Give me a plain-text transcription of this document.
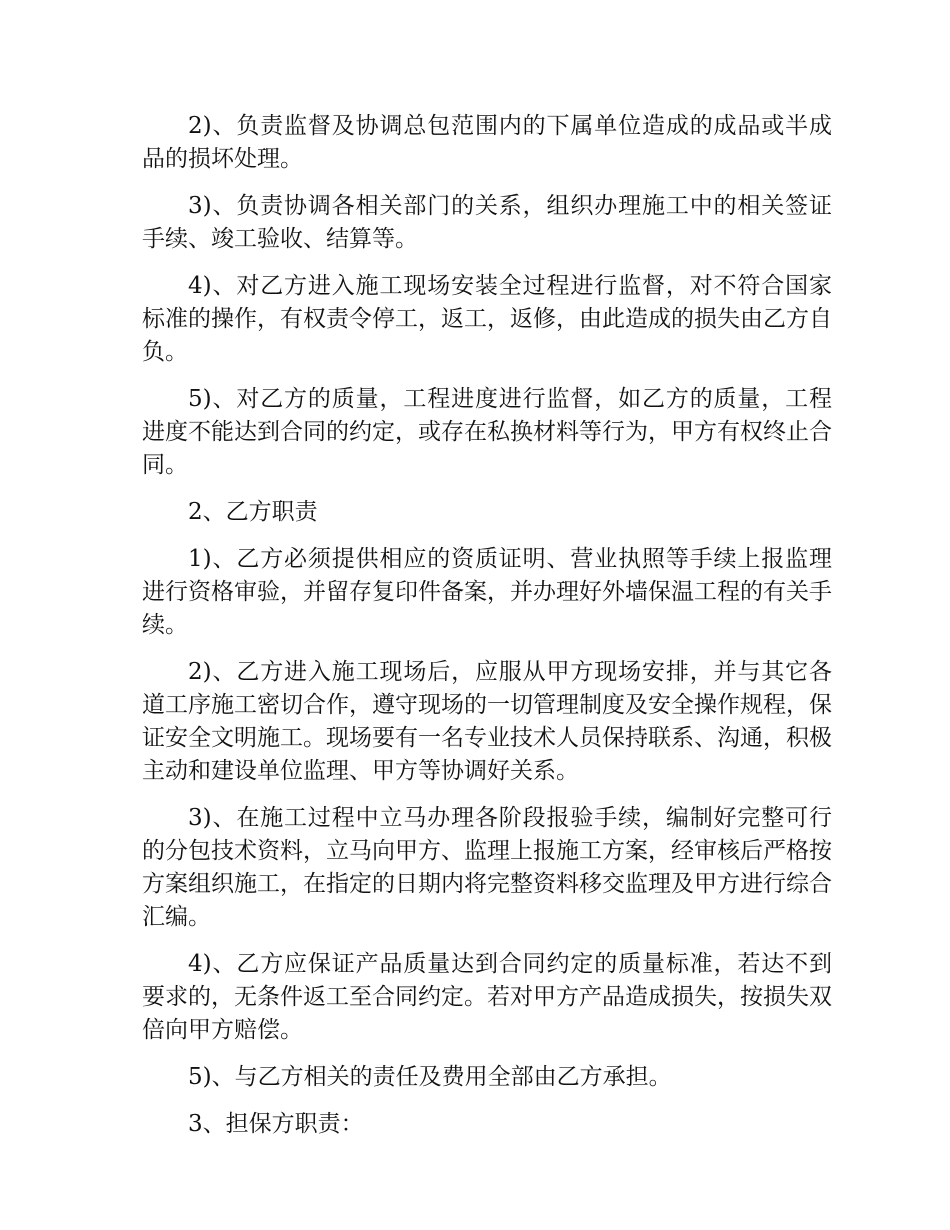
2)、负责监督及协调总包范围内的下属单位造成的成品或半成品的损坏处理。

3)、负责协调各相关部门的关系，组织办理施工中的相关签证手续、竣工验收、结算等。

4)、对乙方进入施工现场安装全过程进行监督，对不符合国家标准的操作，有权责令停工，返工，返修，由此造成的损失由乙方自负。

5)、对乙方的质量，工程进度进行监督，如乙方的质量，工程进度不能达到合同的约定，或存在私换材料等行为，甲方有权终止合同。

2、乙方职责

1)、乙方必须提供相应的资质证明、营业执照等手续上报监理进行资格审验，并留存复印件备案，并办理好外墙保温工程的有关手续。

2)、乙方进入施工现场后，应服从甲方现场安排，并与其它各道工序施工密切合作，遵守现场的一切管理制度及安全操作规程，保证安全文明施工。现场要有一名专业技术人员保持联系、沟通，积极主动和建设单位监理、甲方等协调好关系。

3)、在施工过程中立马办理各阶段报验手续，编制好完整可行的分包技术资料，立马向甲方、监理上报施工方案，经审核后严格按方案组织施工，在指定的日期内将完整资料移交监理及甲方进行综合汇编。

4)、乙方应保证产品质量达到合同约定的质量标准，若达不到要求的，无条件返工至合同约定。若对甲方产品造成损失，按损失双倍向甲方赔偿。

5)、与乙方相关的责任及费用全部由乙方承担。

3、担保方职责：
